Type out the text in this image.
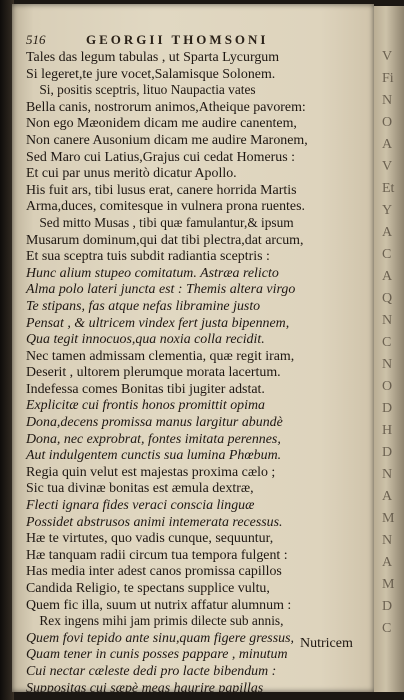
V
Fi
N
O
A
V
Et
Y
A
C
A
Q
N
C
N
O
D
H
D
N
A
M
N
A
M
D
C
516	GEORGII THOMSONI
Tales das legum tabulas , ut Sparta Lycurgum
Si legeret,te jure vocet,Salamisque Solonem.
Si, positis sceptris, lituo Naupactia vates
Bella canis, nostrorum animos,Atheique pavorem:
Non ego Mæonidem dicam me audire canentem,
Non canere Ausonium dicam me audire Maronem,
Sed Maro cui Latius,Grajus cui cedat Homerus :
Et cui par unus meritò dicatur Apollo.
His fuit ars, tibi lusus erat, canere horrida Martis
Arma,duces, comitesque in vulnera prona ruentes.
Sed mitto Musas , tibi quæ famulantur,& ipsum
Musarum dominum,qui dat tibi plectra,dat arcum,
Et sua sceptra tuis subdit radiantia sceptris :
Hunc alium stupeo comitatum. Astræa relicto
Alma polo lateri juncta est : Themis altera virgo
Te stipans, fas atque nefas libramine justo
Pensat , & ultricem vindex fert justa bipennem,
Qua tegit innocuos,qua noxia colla recidit.
Nec tamen admissam clementia, quæ regit iram,
Deserit , ultorem plerumque morata lacertum.
Indefessa comes Bonitas tibi jugiter adstat.
Explicitæ cui frontis honos promittit opima
Dona,decens promissa manus largitur abundè
Dona, nec exprobrat, fontes imitata perennes,
Aut indulgentem cunctis sua lumina Phœbum.
Regia quin velut est majestas proxima cælo ;
Sic tua divinæ bonitas est æmula dextræ,
Flecti ignara fides veraci conscia linguæ
Possidet abstrusos animi intemerata recessus.
Hæ te virtutes, quo vadis cunque, sequuntur,
Hæ tanquam radii circum tua tempora fulgent :
Has media inter adest canos promissa capillos
Candida Religio, te spectans supplice vultu,
Quem fic illa, suum ut nutrix affatur alumnum :
Rex ingens mihi jam primis dilecte sub annis,
Quem fovi tepido ante sinu,quam figere gressus,
Quam tener in cunis posses pappare , minutum
Cui nectar cæleste dedi pro lacte bibendum :
Suppositas cui sæpè meas haurire papillas
Nutricem
